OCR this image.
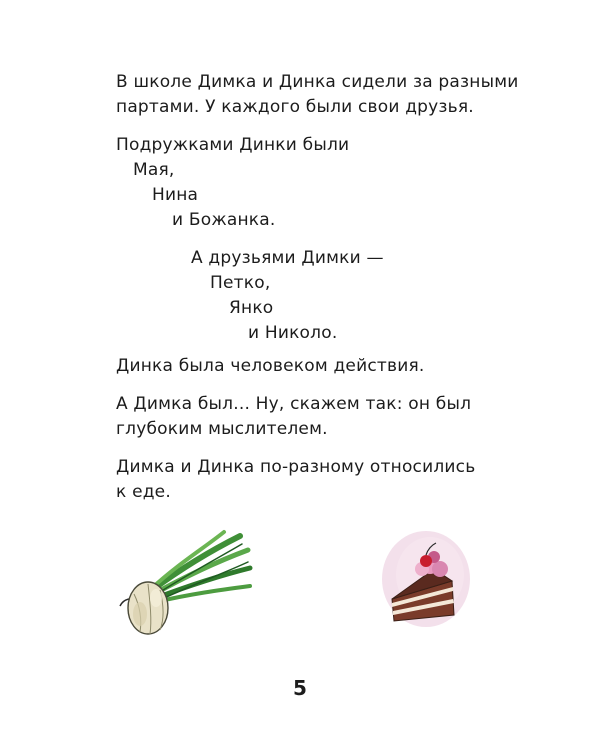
В школе Димка и Динка сидели за разными

партами. У каждого были свои друзья.

Подружками Динки были

Мая,

Нина

и Божанка.

А друзьями Димки —

Петко,

Янко

и Николо.

Динка была человеком действия.

А Димка был... Ну, скажем так: он был

глубоким мыслителем.

Димка и Динка по-разному относились

к еде.

5
